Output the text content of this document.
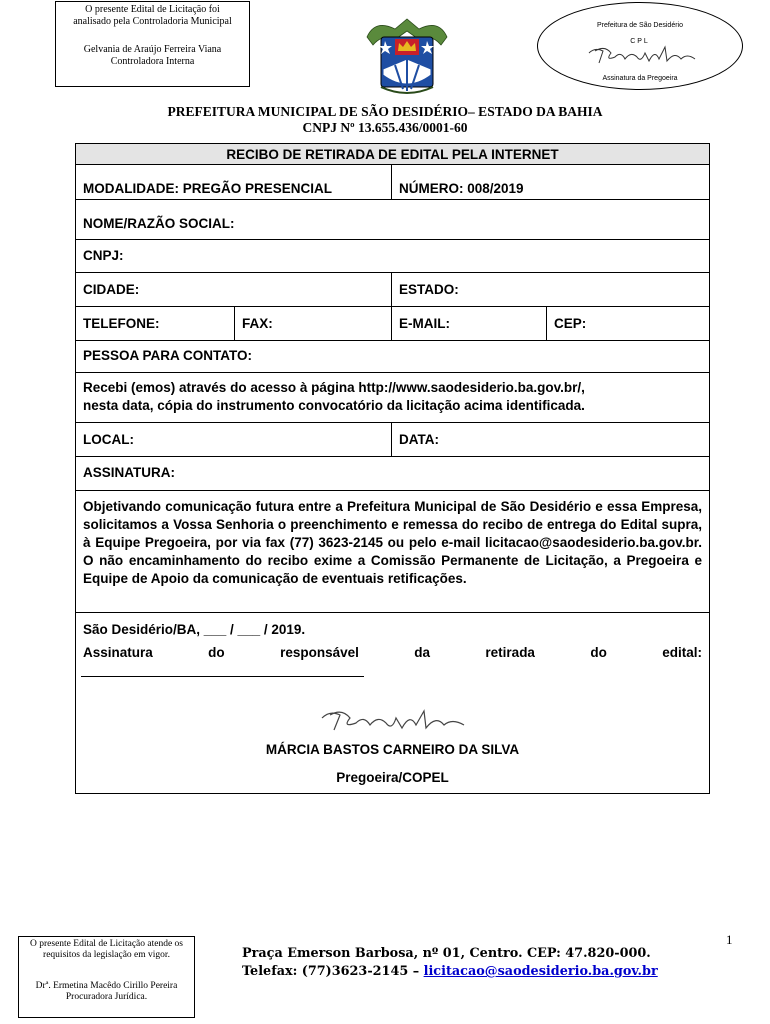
O presente Edital de Licitação foi
analisado pela Controladoria Municipal
Gelvania de Araújo Ferreira Viana
Controladora Interna
Prefeitura de São Desidério
CPL
Assinatura da Pregoeira
PREFEITURA MUNICIPAL DE SÃO DESIDÉRIO– ESTADO DA BAHIA
CNPJ Nº 13.655.436/0001-60
RECIBO DE RETIRADA DE EDITAL PELA INTERNET
MODALIDADE: PREGÃO PRESENCIAL	NÚMERO: 008/2019
NOME/RAZÃO SOCIAL:
CNPJ:
CIDADE:	ESTADO:
TELEFONE:	FAX:	E-MAIL:	CEP:
PESSOA PARA CONTATO:
Recebi (emos) através do acesso à página http://www.saodesiderio.ba.gov.br/,
nesta data, cópia do instrumento convocatório da licitação acima identificada.
LOCAL:	DATA:
ASSINATURA:
Objetivando comunicação futura entre a Prefeitura Municipal de São Desidério e essa Empresa, solicitamos a Vossa Senhoria o preenchimento e remessa do recibo de entrega do Edital supra, à Equipe Pregoeira, por via fax (77) 3623-2145 ou pelo e-mail licitacao@saodesiderio.ba.gov.br. O não encaminhamento do recibo exime a Comissão Permanente de Licitação, a Pregoeira e Equipe de Apoio da comunicação de eventuais retificações.
São Desidério/BA, ___ / ___ / 2019.
Assinatura do responsável da retirada do edital:
MÁRCIA BASTOS CARNEIRO DA SILVA
Pregoeira/COPEL
1
O presente Edital de Licitação atende os
requisitos da legislação em vigor.
Drª. Ermetina Macêdo Cirillo Pereira
Procuradora Jurídica.
Praça Emerson Barbosa, nº 01, Centro. CEP: 47.820-000.
Telefax: (77)3623-2145 – licitacao@saodesiderio.ba.gov.br
